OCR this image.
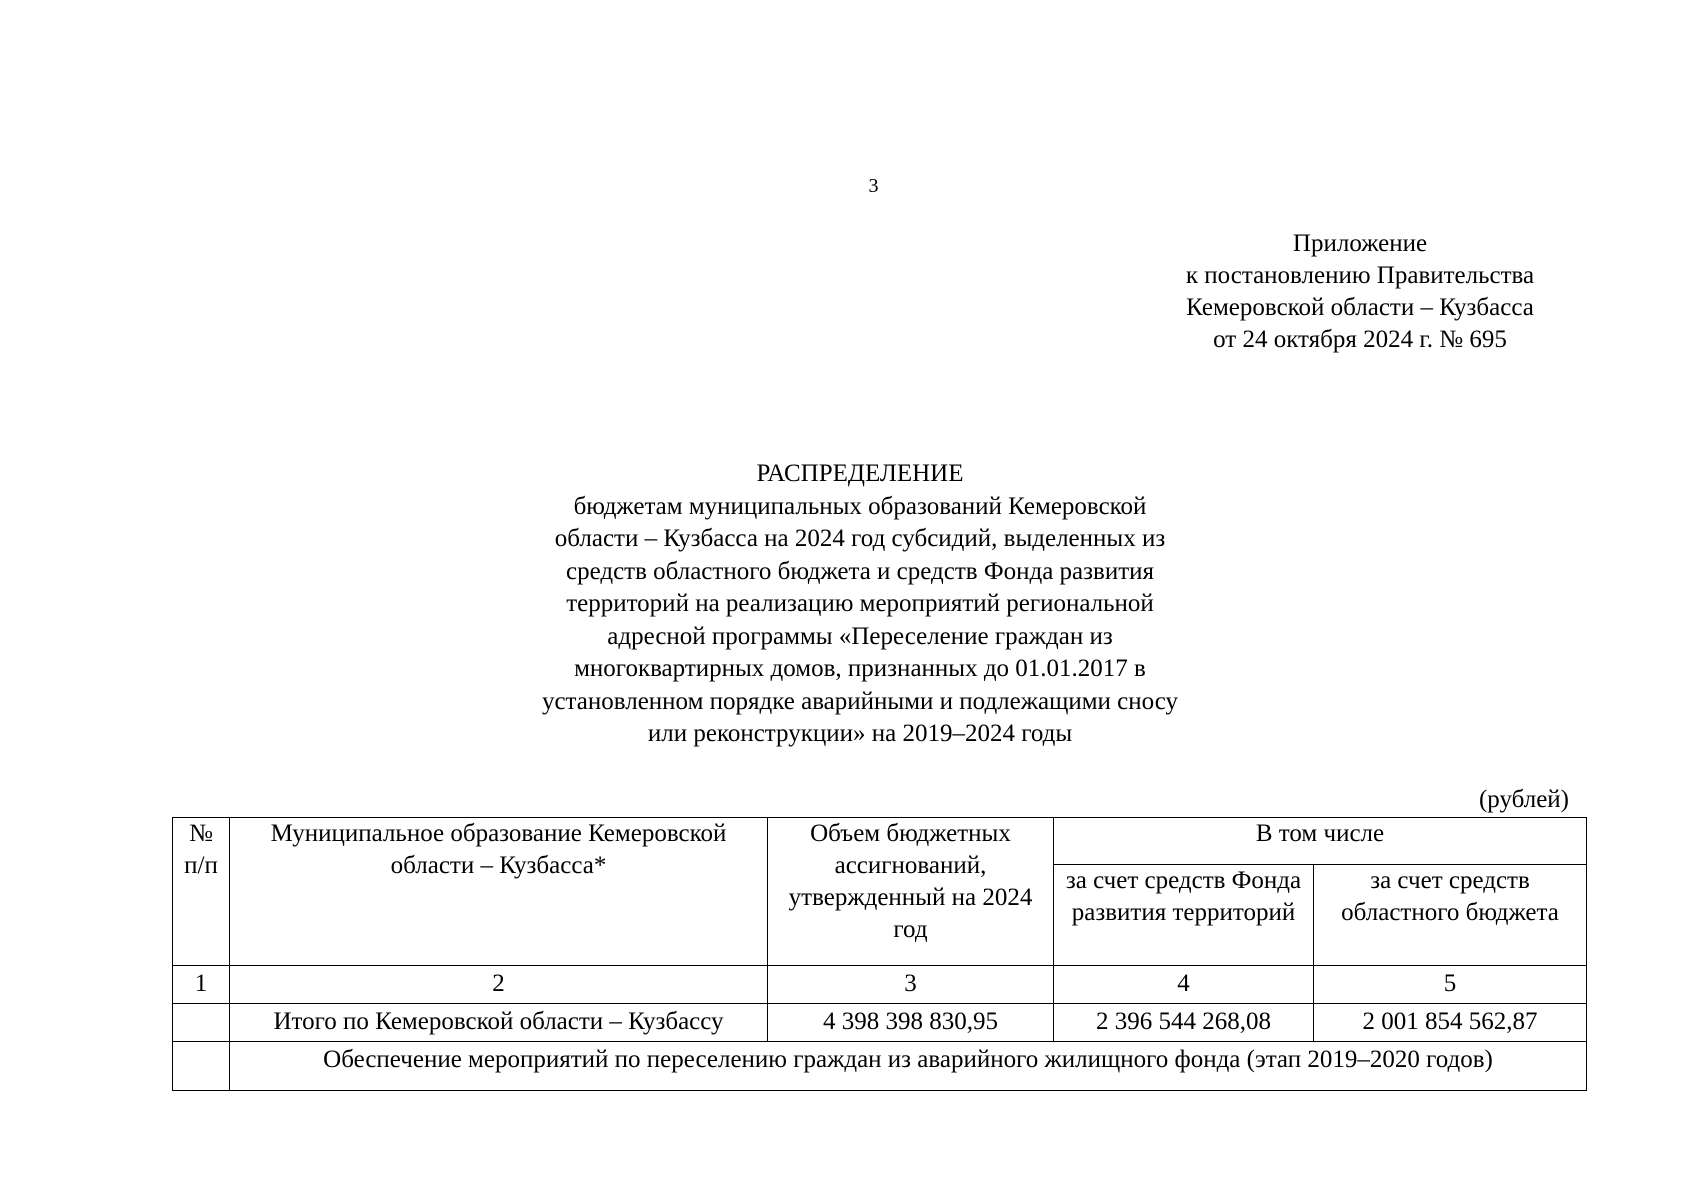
3
Приложение
к постановлению Правительства
Кемеровской области – Кузбасса
от 24 октября 2024 г. № 695
РАСПРЕДЕЛЕНИЕ
бюджетам муниципальных образований Кемеровской
области – Кузбасса на 2024 год субсидий, выделенных из
средств областного бюджета и средств Фонда развития
территорий на реализацию мероприятий региональной
адресной программы «Переселение граждан из
многоквартирных домов, признанных до 01.01.2017 в
установленном порядке аварийными и подлежащими сносу
или реконструкции» на 2019–2024 годы
(рублей)
№ п/п	Муниципальное образование Кемеровской области – Кузбасса*	Объем бюджетных ассигнований, утвержденный на 2024 год	В том числе	
			за счет средств Фонда развития территорий	за счет средств областного бюджета
1	2	3	4	5
	Итого по Кемеровской области – Кузбассу	4 398 398 830,95	2 396 544 268,08	2 001 854 562,87
	Обеспечение мероприятий по переселению граждан из аварийного жилищного фонда (этап 2019–2020 годов)			
